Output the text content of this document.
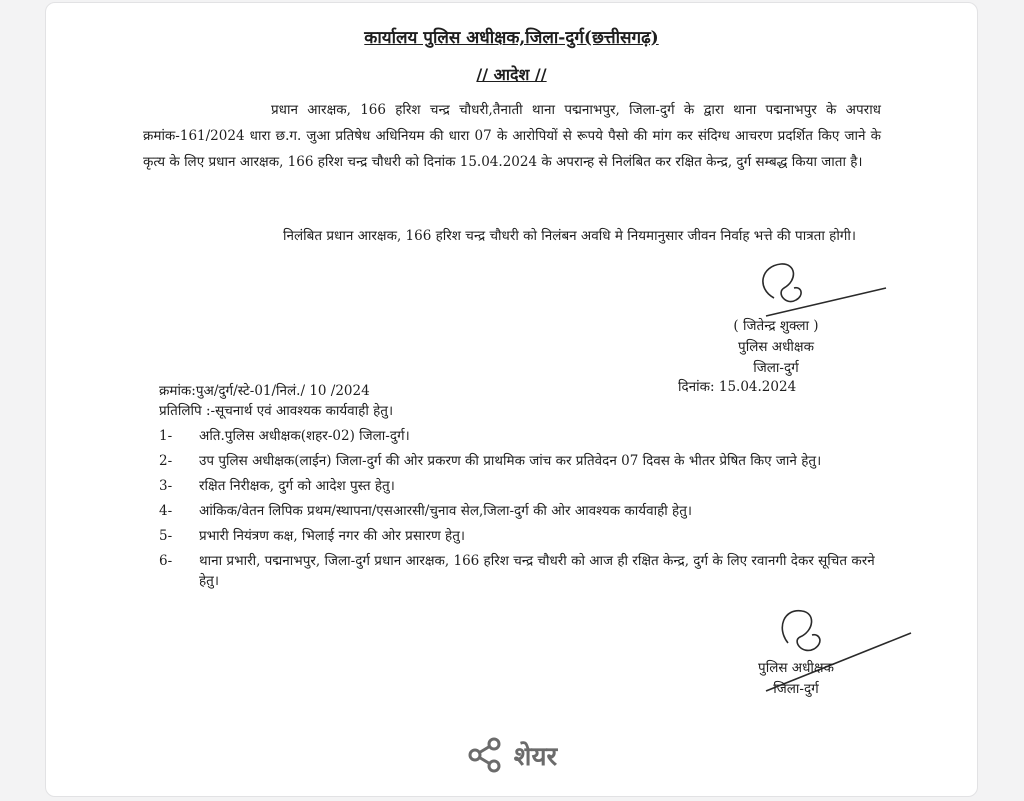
कार्यालय पुलिस अधीक्षक,जिला-दुर्ग(छत्तीसगढ़)
// आदेश //

प्रधान आरक्षक, 166 हरिश चन्द्र चौधरी,तैनाती थाना पद्मनाभपुर, जिला-दुर्ग के द्वारा थाना पद्मनाभपुर के अपराध क्रमांक-161/2024 धारा छ.ग. जुआ प्रतिषेध अधिनियम की धारा 07 के आरोपियों से रूपये पैसो की मांग कर संदिग्ध आचरण प्रदर्शित किए जाने के कृत्य के लिए प्रधान आरक्षक, 166 हरिश चन्द्र चौधरी को दिनांक 15.04.2024 के अपरान्ह से निलंबित कर रक्षित केन्द्र, दुर्ग सम्बद्ध किया जाता है।

निलंबित प्रधान आरक्षक, 166 हरिश चन्द्र चौधरी को निलंबन अवधि मे नियमानुसार जीवन निर्वाह भत्ते की पात्रता होगी।

( जितेन्द्र शुक्ला )
पुलिस अधीक्षक
जिला-दुर्ग
दिनांक: 15.04.2024
क्रमांक:पुअ/दुर्ग/स्टे-01/निलं./ 10 /2024
प्रतिलिपि :-सूचनार्थ एवं आवश्यक कार्यवाही हेतु।
1-	अति.पुलिस अधीक्षक(शहर-02) जिला-दुर्ग।
2-	उप पुलिस अधीक्षक(लाईन) जिला-दुर्ग की ओर प्रकरण की प्राथमिक जांच कर प्रतिवेदन 07 दिवस के भीतर प्रेषित किए जाने हेतु।
3-	रक्षित निरीक्षक, दुर्ग को आदेश पुस्त हेतु।
4-	आंकिक/वेतन लिपिक प्रथम/स्थापना/एसआरसी/चुनाव सेल,जिला-दुर्ग की ओर आवश्यक कार्यवाही हेतु।
5-	प्रभारी नियंत्रण कक्ष, भिलाई नगर की ओर प्रसारण हेतु।
6-	थाना प्रभारी, पद्मनाभपुर, जिला-दुर्ग प्रधान आरक्षक, 166 हरिश चन्द्र चौधरी को आज ही रक्षित केन्द्र, दुर्ग के लिए रवानगी देकर सूचित करने हेतु।
पुलिस अधीक्षक
जिला-दुर्ग
शेयर
